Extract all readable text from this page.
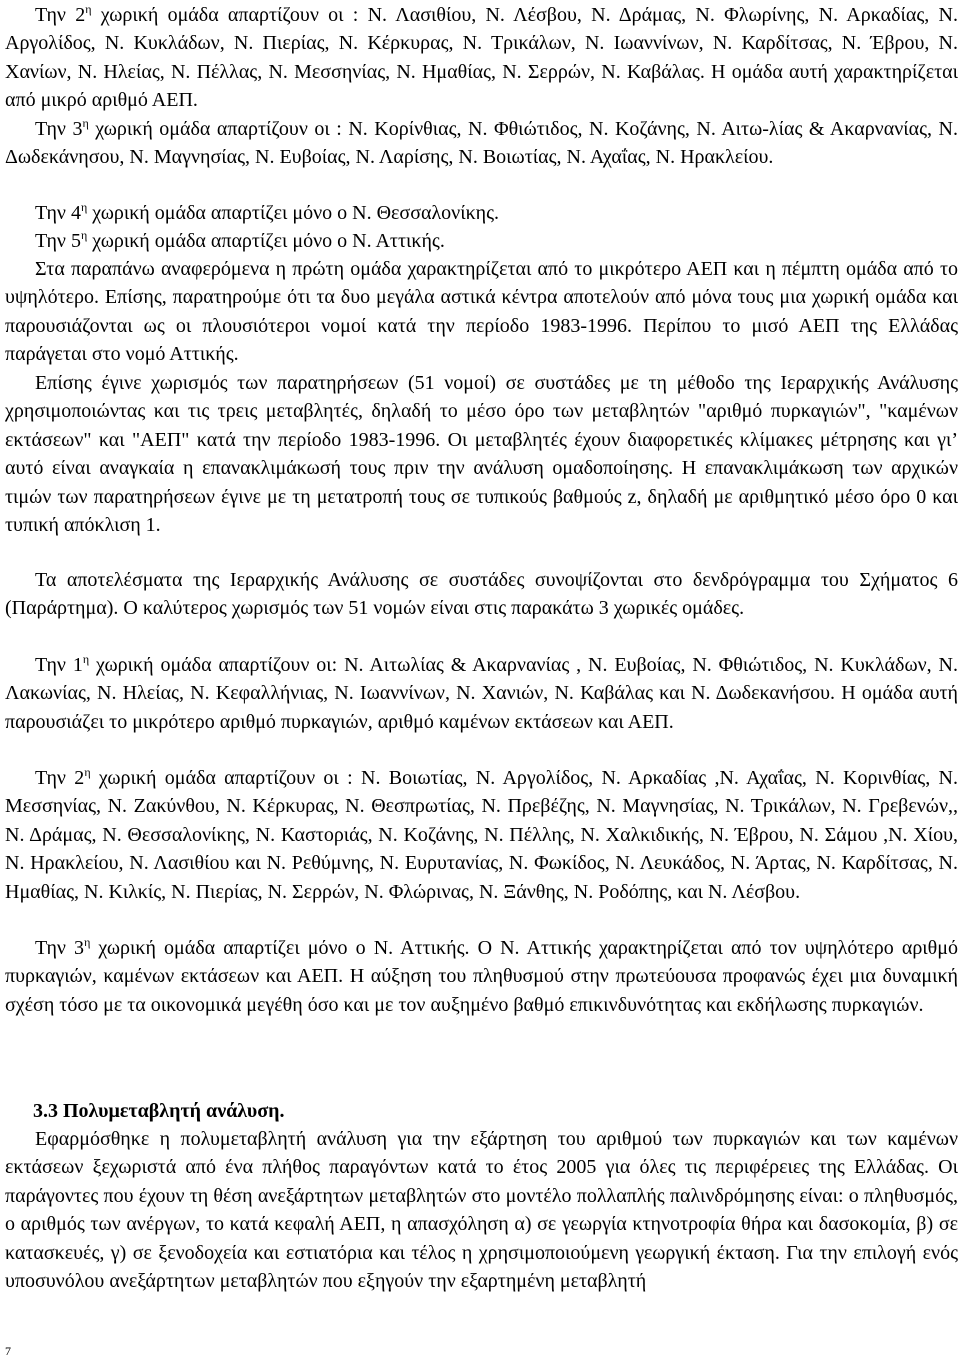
Την $2^\eta$ χωρική ομάδα απαρτίζουν οι : Ν. Λασιθίου, Ν. Λέσβου, Ν. Δράμας, Ν. Φλωρίνης, Ν. Αρκαδίας, Ν. Αργολίδος, Ν. Κυκλάδων, Ν. Πιερίας, Ν. Κέρκυρας, Ν. Τρικάλων, Ν. Ιωαννίνων, Ν. Καρδίτσας, Ν. Έβρου, Ν. Χανίων, Ν. Ηλείας, Ν. Πέλλας, Ν. Μεσσηνίας, Ν. Ημαθίας, Ν. Σερρών, Ν. Καβάλας. Η ομάδα αυτή χαρακτηρίζεται από μικρό αριθμό ΑΕΠ.

Την $3^\eta$ χωρική ομάδα απαρτίζουν οι : Ν. Κορίνθιας, Ν. Φθιώτιδος, Ν. Κοζάνης, Ν. Αιτω-λίας & Ακαρνανίας, Ν. Δωδεκάνησου, Ν. Μαγνησίας, Ν. Ευβοίας, Ν. Λαρίσης, Ν. Βοιωτίας, Ν. Αχαΐας, Ν. Ηρακλείου.

Την $4^\eta$ χωρική ομάδα απαρτίζει μόνο ο Ν. Θεσσαλονίκης.

Την $5^\eta$ χωρική ομάδα απαρτίζει μόνο ο Ν. Αττικής.

Στα παραπάνω αναφερόμενα η πρώτη ομάδα χαρακτηρίζεται από το μικρότερο ΑΕΠ και η πέμπτη ομάδα από το υψηλότερο. Επίσης, παρατηρούμε ότι τα δυο μεγάλα αστικά κέντρα αποτελούν από μόνα τους μια χωρική ομάδα και παρουσιάζονται ως οι πλουσιότεροι νομοί κατά την περίοδο 1983-1996. Περίπου το μισό ΑΕΠ της Ελλάδας παράγεται στο νομό Αττικής.

Επίσης έγινε χωρισμός των παρατηρήσεων (51 νομοί) σε συστάδες με τη μέθοδο της Ιεραρχικής Ανάλυσης χρησιμοποιώντας και τις τρεις μεταβλητές, δηλαδή το μέσο όρο των μεταβλητών "αριθμό πυρκαγιών", "καμένων εκτάσεων" και "ΑΕΠ" κατά την περίοδο 1983-1996. Οι μεταβλητές έχουν διαφορετικές κλίμακες μέτρησης και γι’ αυτό είναι αναγκαία η επανακλιμάκωσή τους πριν την ανάλυση ομαδοποίησης. Η επανακλιμάκωση των αρχικών τιμών των παρατηρήσεων έγινε με τη μετατροπή τους σε τυπικούς βαθμούς z, δηλαδή με αριθμητικό μέσο όρο 0 και τυπική απόκλιση 1.

Τα αποτελέσματα της Ιεραρχικής Ανάλυσης σε συστάδες συνοψίζονται στο δενδρόγραμμα του Σχήματος 6 (Παράρτημα). Ο καλύτερος χωρισμός των 51 νομών είναι στις παρακάτω 3 χωρικές ομάδες.

Την $1^\eta$ χωρική ομάδα απαρτίζουν οι: Ν. Αιτωλίας & Ακαρνανίας , Ν. Ευβοίας, Ν. Φθιώτιδος, Ν. Κυκλάδων, Ν. Λακωνίας, Ν. Ηλείας, Ν. Κεφαλλήνιας, Ν. Ιωαννίνων, Ν. Χανιών, Ν. Καβάλας και Ν. Δωδεκανήσου. Η ομάδα αυτή παρουσιάζει το μικρότερο αριθμό πυρκαγιών, αριθμό καμένων εκτάσεων και ΑΕΠ.

Την $2^\eta$ χωρική ομάδα απαρτίζουν οι : Ν. Βοιωτίας, Ν. Αργολίδος, Ν. Αρκαδίας ,Ν. Αχαΐας, Ν. Κορινθίας, Ν. Μεσσηνίας, Ν. Ζακύνθου, Ν. Κέρκυρας, Ν. Θεσπρωτίας, Ν. Πρεβέζης, Ν. Μαγνησίας, Ν. Τρικάλων, Ν. Γρεβενών,, Ν. Δράμας, Ν. Θεσσαλονίκης, Ν. Καστοριάς, Ν. Κοζάνης, Ν. Πέλλης, Ν. Χαλκιδικής, Ν. Έβρου, Ν. Σάμου ,Ν. Χίου, Ν. Ηρακλείου, Ν. Λασιθίου και Ν. Ρεθύμνης, Ν. Ευρυτανίας, Ν. Φωκίδος, Ν. Λευκάδος, Ν. Άρτας, Ν. Καρδίτσας, Ν. Ημαθίας, Ν. Κιλκίς, Ν. Πιερίας, Ν. Σερρών, Ν. Φλώρινας, Ν. Ξάνθης, Ν. Ροδόπης, και Ν. Λέσβου.

Την $3^\eta$ χωρική ομάδα απαρτίζει μόνο ο Ν. Αττικής. Ο Ν. Αττικής χαρακτηρίζεται από τον υψηλότερο αριθμό πυρκαγιών, καμένων εκτάσεων και ΑΕΠ. Η αύξηση του πληθυσμού στην πρωτεύουσα προφανώς έχει μια δυναμική σχέση τόσο με τα οικονομικά μεγέθη όσο και με τον αυξημένο βαθμό επικινδυνότητας και εκδήλωσης πυρκαγιών.

3.3 Πολυμεταβλητή ανάλυση.

Εφαρμόσθηκε η πολυμεταβλητή ανάλυση για την εξάρτηση του αριθμού των πυρκαγιών και των καμένων εκτάσεων ξεχωριστά από ένα πλήθος παραγόντων κατά το έτος 2005 για όλες τις περιφέρειες της Ελλάδας. Οι παράγοντες που έχουν τη θέση ανεξάρτητων μεταβλητών στο μοντέλο πολλαπλής παλινδρόμησης είναι: ο πληθυσμός, ο αριθμός των ανέργων, το κατά κεφαλή ΑΕΠ, η απασχόληση α) σε γεωργία κτηνοτροφία θήρα και δασοκομία, β) σε κατασκευές, γ) σε ξενοδοχεία και εστιατόρια και τέλος η χρησιμοποιούμενη γεωργική έκταση. Για την επιλογή ενός υποσυνόλου ανεξάρτητων μεταβλητών που εξηγούν την εξαρτημένη μεταβλητή

7
